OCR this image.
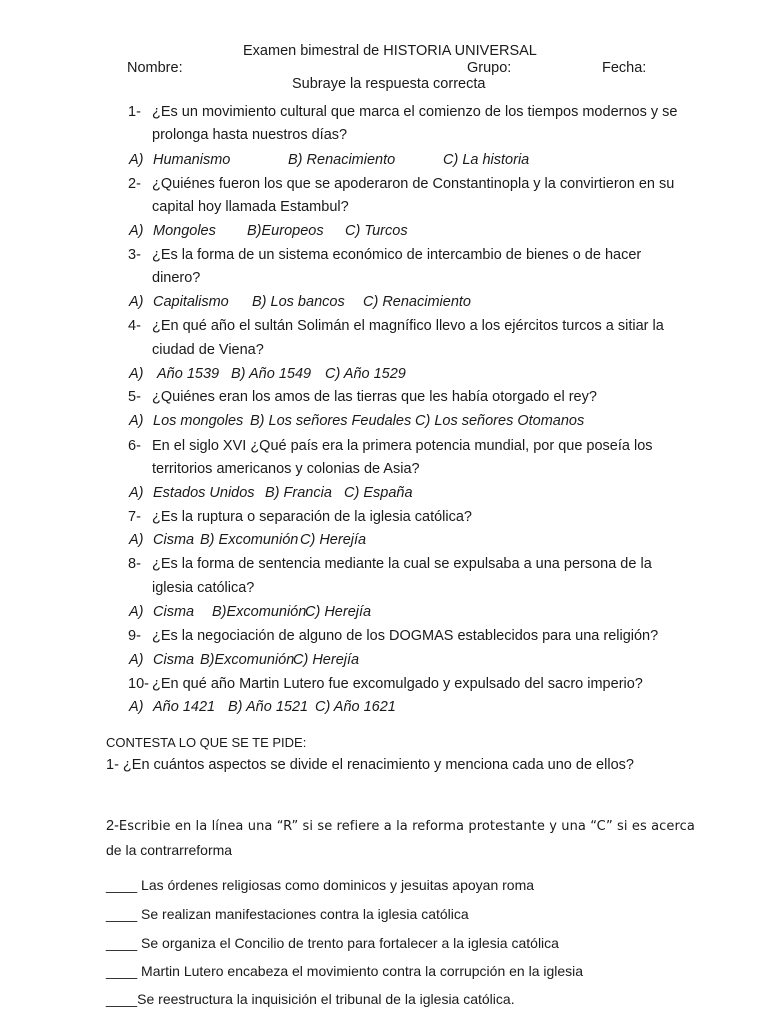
Examen bimestral de HISTORIA UNIVERSAL
Nombre:	Grupo:	Fecha:
Subraye la respuesta correcta
1- ¿Es un movimiento cultural que marca el comienzo de los tiempos modernos y se
prolonga hasta nuestros días?
A) Humanismo	B) Renacimiento	C) La historia
2- ¿Quiénes fueron los que se apoderaron de Constantinopla y la convirtieron en su
capital hoy llamada Estambul?
A) Mongoles B)Europeos C) Turcos
3- ¿Es la forma de un sistema económico de intercambio de bienes o de hacer
dinero?
A) Capitalismo B) Los bancos C) Renacimiento
4- ¿En qué año el sultán Solimán el magnífico llevo a los ejércitos turcos a sitiar la
ciudad de Viena?
A) Año 1539 B) Año 1549 C) Año 1529
5- ¿Quiénes eran los amos de las tierras que les había otorgado el rey?
A) Los mongoles B) Los señores Feudales C) Los señores Otomanos
6- En el siglo XVI ¿Qué país era la primera potencia mundial, por que poseía los
territorios americanos y colonias de Asia?
A) Estados Unidos B) Francia C) España
7- ¿Es la ruptura o separación de la iglesia católica?
A) Cisma B) Excomunión C) Herejía
8- ¿Es la forma de sentencia mediante la cual se expulsaba a una persona de la
iglesia católica?
A) Cisma B)Excomunión
C) Herejía
9- ¿Es la negociación de alguno de los DOGMAS establecidos para una religión?
A) Cisma B)Excomunión
C) Herejía
10- ¿En qué año Martin Lutero fue excomulgado y expulsado del sacro imperio?
A) Año 1421 B) Año 1521 C) Año 1621
CONTESTA LO QUE SE TE PIDE:
1- ¿En cuántos aspectos se divide el renacimiento y menciona cada uno de ellos?
2-Escribie en la línea una “R” si se refiere a la reforma protestante y una “C” si es acerca
de la contrarreforma
____ Las órdenes religiosas como dominicos y jesuitas apoyan roma
____ Se realizan manifestaciones contra la iglesia católica
____ Se organiza el Concilio de trento para fortalecer a la iglesia católica
____ Martin Lutero encabeza el movimiento contra la corrupción en la iglesia
____Se reestructura la inquisición el tribunal de la iglesia católica.
